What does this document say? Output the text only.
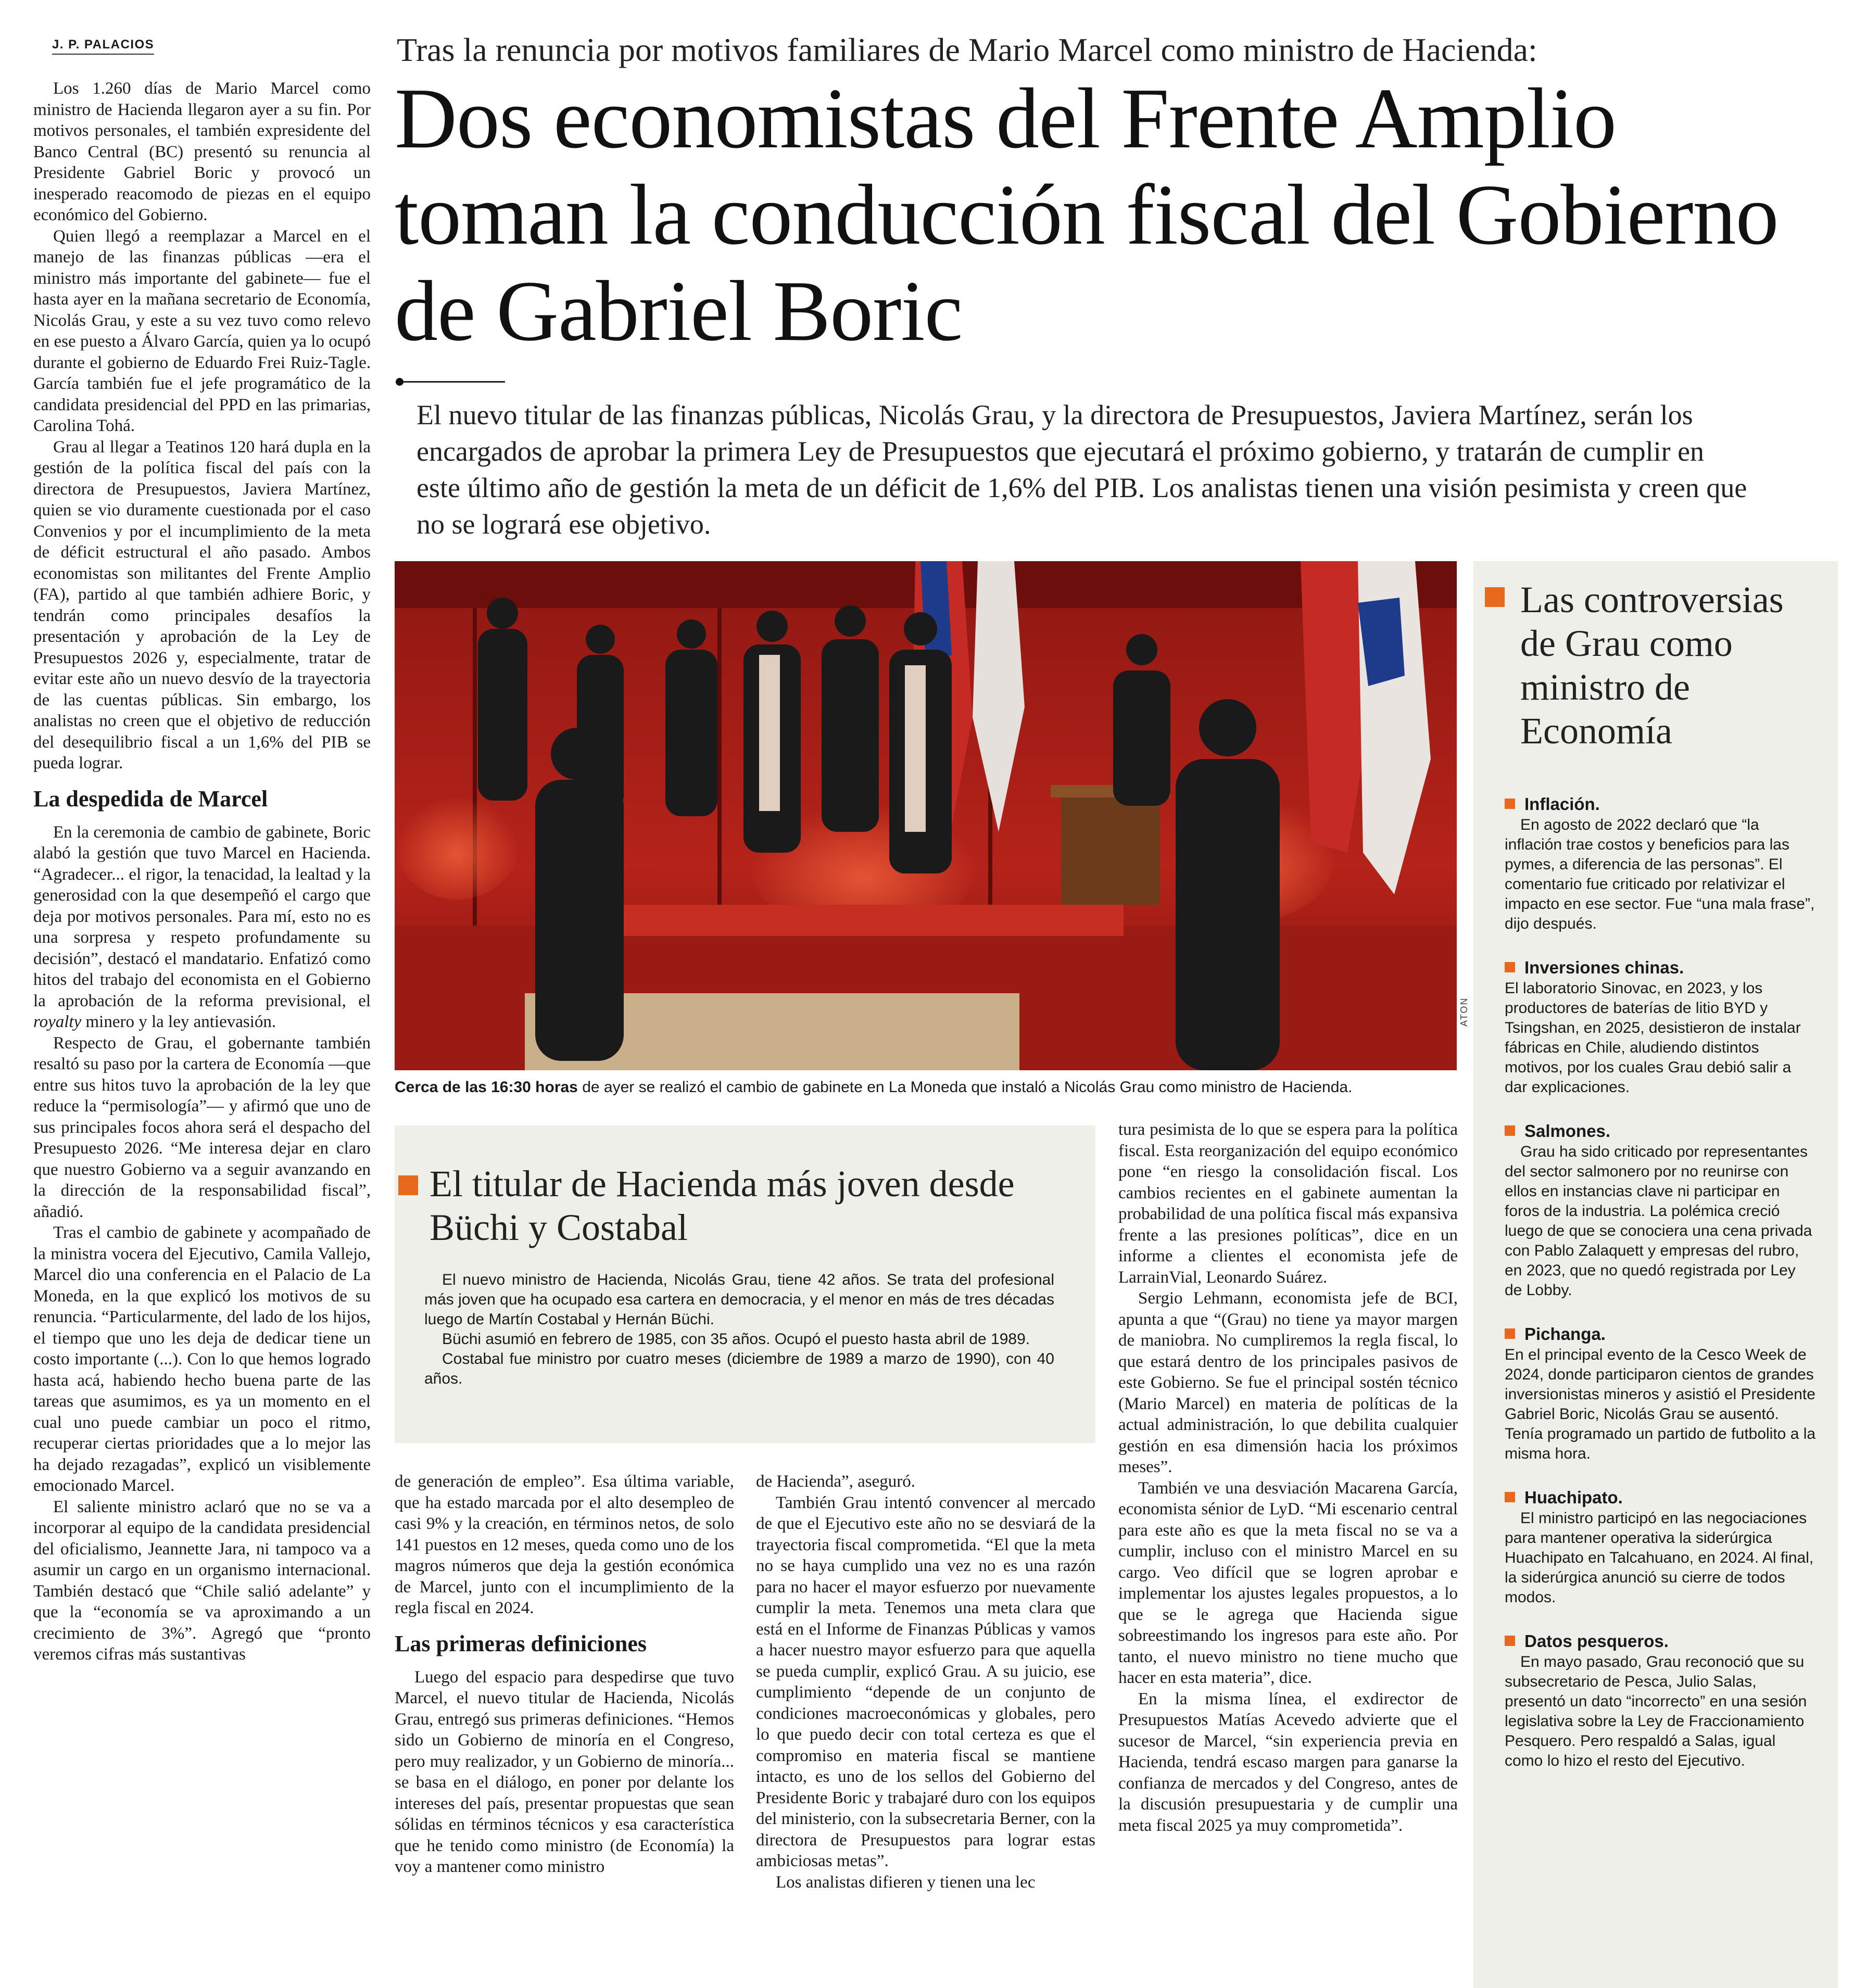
J. P. PALACIOS	Tras la renuncia por motivos familiares de Mario Marcel como ministro de Hacienda:
Dos economistas del Frente Amplio toman la conducción fiscal del Gobierno de Gabriel Boric
El nuevo titular de las finanzas públicas, Nicolás Grau, y la directora de Presupuestos, Javiera Martínez, serán los encargados de aprobar la primera Ley de Presupuestos que ejecutará el próximo gobierno, y tratarán de cumplir en este último año de gestión la meta de un déficit de 1,6% del PIB. Los analistas tienen una visión pesimista y creen que no se logrará ese objetivo.

Los 1.260 días de Mario Marcel como ministro de Hacienda llegaron ayer a su fin. Por motivos personales, el también expresidente del Banco Central (BC) presentó su renuncia al Presidente Gabriel Boric y provocó un inesperado reacomodo de piezas en el equipo económico del Gobierno.

Quien llegó a reemplazar a Marcel en el manejo de las finanzas públicas —era el ministro más importante del gabinete— fue el hasta ayer en la mañana secretario de Economía, Nicolás Grau, y este a su vez tuvo como relevo en ese puesto a Álvaro García, quien ya lo ocupó durante el gobierno de Eduardo Frei Ruiz-Tagle. García también fue el jefe programático de la candidata presidencial del PPD en las primarias, Carolina Tohá.

Grau al llegar a Teatinos 120 hará dupla en la gestión de la política fiscal del país con la directora de Presupuestos, Javiera Martínez, quien se vio duramente cuestionada por el caso Convenios y por el incumplimiento de la meta de déficit estructural el año pasado. Ambos economistas son militantes del Frente Amplio (FA), partido al que también adhiere Boric, y tendrán como principales desafíos la presentación y aprobación de la Ley de Presupuestos 2026 y, especialmente, tratar de evitar este año un nuevo desvío de la trayectoria de las cuentas públicas. Sin embargo, los analistas no creen que el objetivo de reducción del desequilibrio fiscal a un 1,6% del PIB se pueda lograr.

La despedida de Marcel

En la ceremonia de cambio de gabinete, Boric alabó la gestión que tuvo Marcel en Hacienda. “Agradecer... el rigor, la tenacidad, la lealtad y la generosidad con la que desempeñó el cargo que deja por motivos personales. Para mí, esto no es una sorpresa y respeto profundamente su decisión”, destacó el mandatario. Enfatizó como hitos del trabajo del economista en el Gobierno la aprobación de la reforma previsional, el royalty minero y la ley antievasión.

Respecto de Grau, el gobernante también resaltó su paso por la cartera de Economía —que entre sus hitos tuvo la aprobación de la ley que reduce la “permisología”— y afirmó que uno de sus principales focos ahora será el despacho del Presupuesto 2026. “Me interesa dejar en claro que nuestro Gobierno va a seguir avanzando en la dirección de la responsabilidad fiscal”, añadió.

Tras el cambio de gabinete y acompañado de la ministra vocera del Ejecutivo, Camila Vallejo, Marcel dio una conferencia en el Palacio de La Moneda, en la que explicó los motivos de su renuncia. “Particularmente, del lado de los hijos, el tiempo que uno les deja de dedicar tiene un costo importante (...). Con lo que hemos logrado hasta acá, habiendo hecho buena parte de las tareas que asumimos, es ya un momento en el cual uno puede cambiar un poco el ritmo, recuperar ciertas prioridades que a lo mejor las ha dejado rezagadas”, explicó un visiblemente emocionado Marcel.

El saliente ministro aclaró que no se va a incorporar al equipo de la candidata presidencial del oficialismo, Jeannette Jara, ni tampoco va a asumir un cargo en un organismo internacional. También destacó que “Chile salió adelante” y que la “economía se va aproximando a un crecimiento de 3%”. Agregó que “pronto veremos cifras más sustantivas

ATON
Cerca de las 16:30 horas de ayer se realizó el cambio de gabinete en La Moneda que instaló a Nicolás Grau como ministro de Hacienda.
El titular de Hacienda más joven desde Büchi y Costabal

El nuevo ministro de Hacienda, Nicolás Grau, tiene 42 años. Se trata del profesional más joven que ha ocupado esa cartera en democracia, y el menor en más de tres décadas luego de Martín Costabal y Hernán Büchi.

Büchi asumió en febrero de 1985, con 35 años. Ocupó el puesto hasta abril de 1989.

Costabal fue ministro por cuatro meses (diciembre de 1989 a marzo de 1990), con 40 años.

de generación de empleo”. Esa última variable, que ha estado marcada por el alto desempleo de casi 9% y la creación, en términos netos, de solo 141 puestos en 12 meses, queda como uno de los magros números que deja la gestión económica de Marcel, junto con el incumplimiento de la regla fiscal en 2024.

Las primeras definiciones

Luego del espacio para despedirse que tuvo Marcel, el nuevo titular de Hacienda, Nicolás Grau, entregó sus primeras definiciones. “Hemos sido un Gobierno de minoría en el Congreso, pero muy realizador, y un Gobierno de minoría... se basa en el diálogo, en poner por delante los intereses del país, presentar propuestas que sean sólidas en términos técnicos y esa característica que he tenido como ministro (de Economía) la voy a mantener como ministro

de Hacienda”, aseguró.

También Grau intentó convencer al mercado de que el Ejecutivo este año no se desviará de la trayectoria fiscal comprometida. “El que la meta no se haya cumplido una vez no es una razón para no hacer el mayor esfuerzo por nuevamente cumplir la meta. Tenemos una meta clara que está en el Informe de Finanzas Públicas y vamos a hacer nuestro mayor esfuerzo para que aquella se pueda cumplir, explicó Grau. A su juicio, ese cumplimiento “depende de un conjunto de condiciones macroeconómicas y globales, pero lo que puedo decir con total certeza es que el compromiso en materia fiscal se mantiene intacto, es uno de los sellos del Gobierno del Presidente Boric y trabajaré duro con los equipos del ministerio, con la subsecretaria Berner, con la directora de Presupuestos para lograr estas ambiciosas metas”.

Los analistas difieren y tienen una lec

tura pesimista de lo que se espera para la política fiscal. Esta reorganización del equipo económico pone “en riesgo la consolidación fiscal. Los cambios recientes en el gabinete aumentan la probabilidad de una política fiscal más expansiva frente a las presiones políticas”, dice en un informe a clientes el economista jefe de LarrainVial, Leonardo Suárez.

Sergio Lehmann, economista jefe de BCI, apunta a que “(Grau) no tiene ya mayor margen de maniobra. No cumpliremos la regla fiscal, lo que estará dentro de los principales pasivos de este Gobierno. Se fue el principal sostén técnico (Mario Marcel) en materia de políticas de la actual administración, lo que debilita cualquier gestión en esa dimensión hacia los próximos meses”.

También ve una desviación Macarena García, economista sénior de LyD. “Mi escenario central para este año es que la meta fiscal no se va a cumplir, incluso con el ministro Marcel en su cargo. Veo difícil que se logren aprobar e implementar los ajustes legales propuestos, a lo que se le agrega que Hacienda sigue sobreestimando los ingresos para este año. Por tanto, el nuevo ministro no tiene mucho que hacer en esta materia”, dice.

En la misma línea, el exdirector de Presupuestos Matías Acevedo advierte que el sucesor de Marcel, “sin experiencia previa en Hacienda, tendrá escaso margen para ganarse la confianza de mercados y del Congreso, antes de la discusión presupuestaria y de cumplir una meta fiscal 2025 ya muy comprometida”.

Las controversias de Grau como ministro de Economía
Inflación.

En agosto de 2022 declaró que “la inflación trae costos y beneficios para las pymes, a diferencia de las personas”. El comentario fue criticado por relativizar el impacto en ese sector. Fue “una mala frase”, dijo después.

Inversiones chinas.

El laboratorio Sinovac, en 2023, y los productores de baterías de litio BYD y Tsingshan, en 2025, desistieron de instalar fábricas en Chile, aludiendo distintos motivos, por los cuales Grau debió salir a dar explicaciones.

Salmones.

Grau ha sido criticado por representantes del sector salmonero por no reunirse con ellos en instancias clave ni participar en foros de la industria. La polémica creció luego de que se conociera una cena privada con Pablo Zalaquett y empresas del rubro, en 2023, que no quedó registrada por Ley de Lobby.

Pichanga.

En el principal evento de la Cesco Week de 2024, donde participaron cientos de grandes inversionistas mineros y asistió el Presidente Gabriel Boric, Nicolás Grau se ausentó. Tenía programado un partido de futbolito a la misma hora.

Huachipato.

El ministro participó en las negociaciones para mantener operativa la siderúrgica Huachipato en Talcahuano, en 2024. Al final, la siderúrgica anunció su cierre de todos modos.

Datos pesqueros.

En mayo pasado, Grau reconoció que su subsecretario de Pesca, Julio Salas, presentó un dato “incorrecto” en una sesión legislativa sobre la Ley de Fraccionamiento Pesquero. Pero respaldó a Salas, igual como lo hizo el resto del Ejecutivo.
